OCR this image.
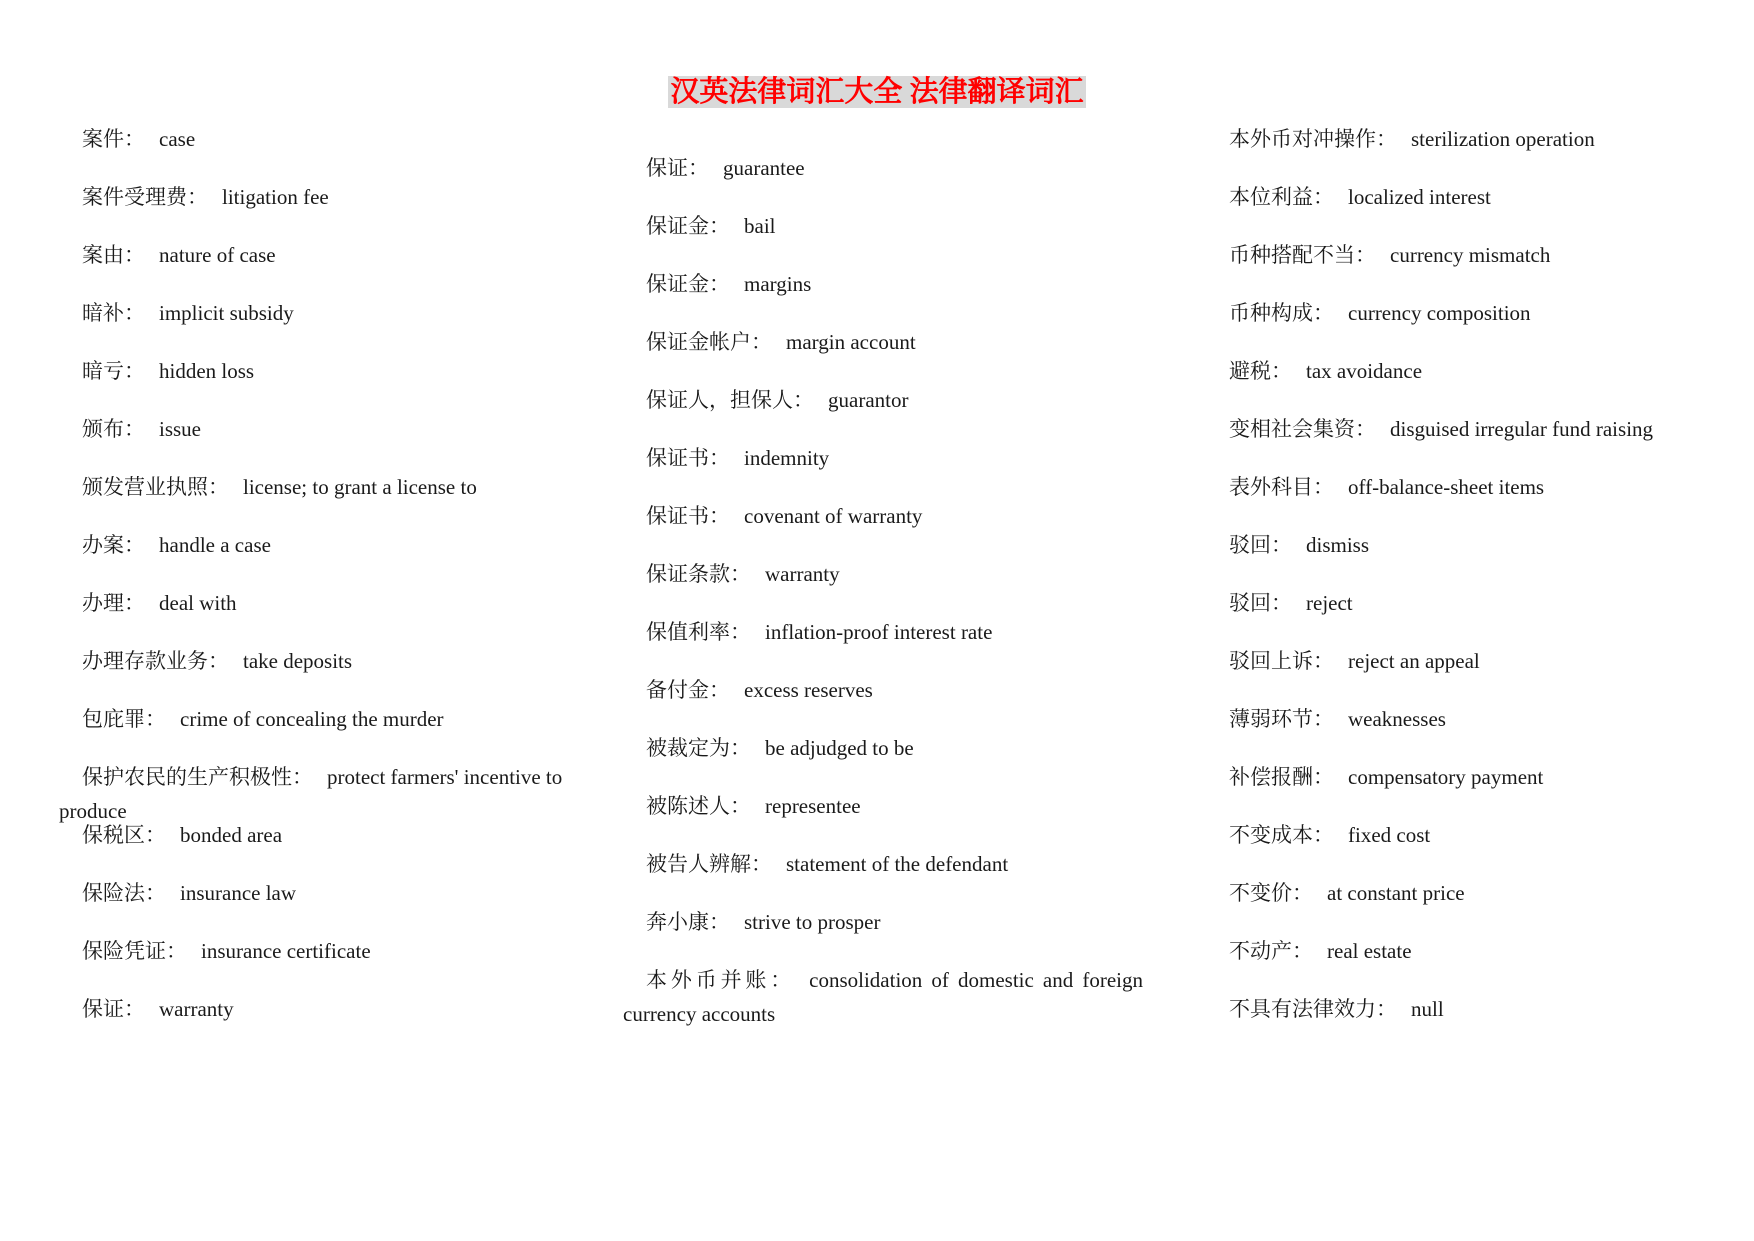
汉英法律词汇大全 法律翻译词汇
案件： case
案件受理费： litigation fee
案由： nature of case
暗补： implicit subsidy
暗亏： hidden loss
颁布： issue
颁发营业执照： license; to grant a license to
办案： handle a case
办理： deal with
办理存款业务： take deposits
包庇罪： crime of concealing the murder
保护农民的生产积极性： protect farmers' incentive to produce
保税区： bonded area
保险法： insurance law
保险凭证： insurance certificate
保证： warranty
保证： guarantee
保证金： bail
保证金： margins
保证金帐户： margin account
保证人，担保人： guarantor
保证书： indemnity
保证书： covenant of warranty
保证条款： warranty
保值利率： inflation-proof interest rate
备付金： excess reserves
被裁定为： be adjudged to be
被陈述人： representee
被告人辨解： statement of the defendant
奔小康： strive to prosper
本外币并账： consolidation of domestic and foreign currency accounts
本外币对冲操作： sterilization operation
本位利益： localized interest
币种搭配不当： currency mismatch
币种构成： currency composition
避税： tax avoidance
变相社会集资： disguised irregular fund raising
表外科目： off-balance-sheet items
驳回： dismiss
驳回： reject
驳回上诉： reject an appeal
薄弱环节： weaknesses
补偿报酬： compensatory payment
不变成本： fixed cost
不变价： at constant price
不动产： real estate
不具有法律效力： null
